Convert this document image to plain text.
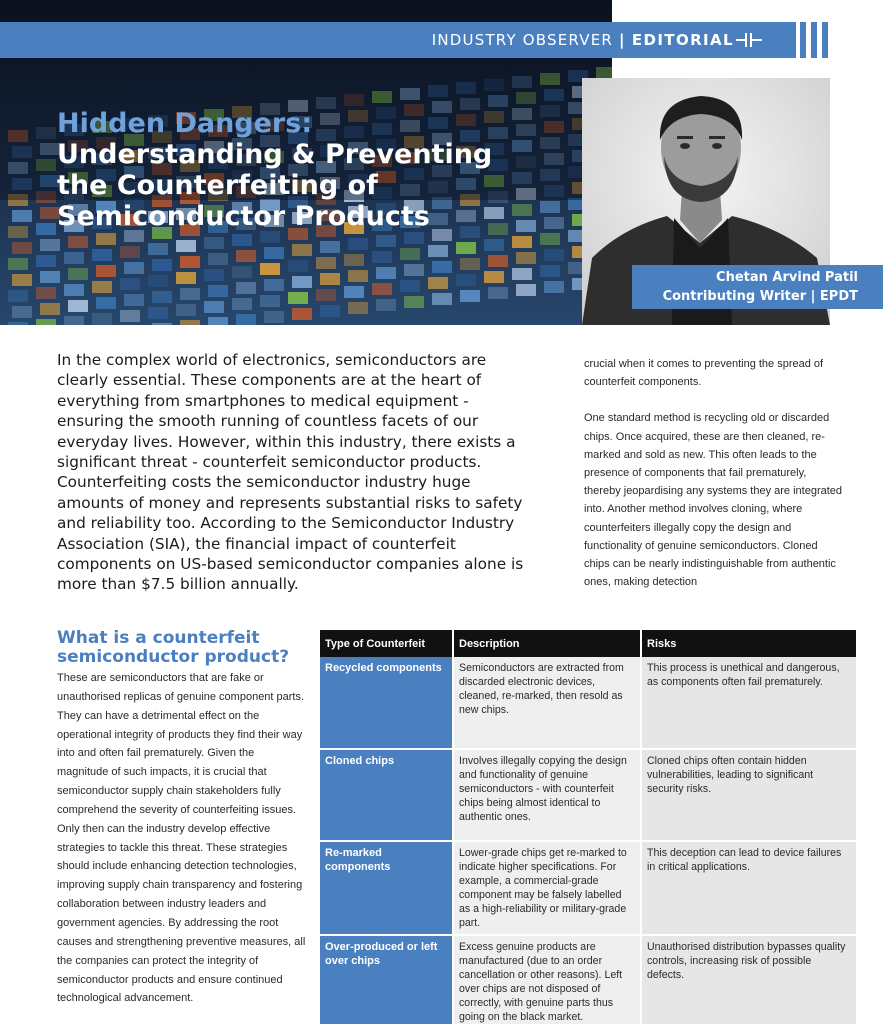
INDUSTRY OBSERVER | EDITORIAL
Hidden Dangers: Understanding & Preventing the Counterfeiting of Semiconductor Products
Chetan Arvind Patil
Contributing Writer | EPDT

In the complex world of electronics, semiconductors are clearly essential. These components are at the heart of everything from smartphones to medical equipment - ensuring the smooth running of countless facets of our everyday lives. However, within this industry, there exists a significant threat - counterfeit semiconductor products. Counterfeiting costs the semiconductor industry huge amounts of money and represents substantial risks to safety and reliability too. According to the Semiconductor Industry Association (SIA), the financial impact of counterfeit components on US-based semiconductor companies alone is more than $7.5 billion annually.

crucial when it comes to preventing the spread of counterfeit components.

One standard method is recycling old or discarded chips. Once acquired, these are then cleaned, re-marked and sold as new. This often leads to the presence of components that fail prematurely, thereby jeopardising any systems they are integrated into. Another method involves cloning, where counterfeiters illegally copy the design and functionality of genuine semiconductors. Cloned chips can be nearly indistinguishable from authentic ones, making detection

What is a counterfeit semiconductor product?

These are semiconductors that are fake or unauthorised replicas of genuine component parts. They can have a detrimental effect on the operational integrity of products they find their way into and often fail prematurely. Given the magnitude of such impacts, it is crucial that semiconductor supply chain stakeholders fully comprehend the severity of counterfeiting issues. Only then can the industry develop effective strategies to tackle this threat. These strategies should include enhancing detection technologies, improving supply chain transparency and fostering collaboration between industry leaders and government agencies. By addressing the root causes and strengthening preventive measures, all the companies can protect the integrity of semiconductor products and ensure continued technological advancement.

Type of Counterfeit	Description	Risks
Recycled components	Semiconductors are extracted from discarded electronic devices, cleaned, re-marked, then resold as new chips.	This process is unethical and dangerous, as components often fail prematurely.
Cloned chips	Involves illegally copying the design and functionality of genuine semiconductors - with counterfeit chips being almost identical to authentic ones.	Cloned chips often contain hidden vulnerabilities, leading to significant security risks.
Re-marked components	Lower-grade chips get re-marked to indicate higher specifications. For example, a commercial-grade component may be falsely labelled as a high-reliability or military-grade part.	This deception can lead to device failures in critical applications.
Over-produced or left over chips	Excess genuine products are manufactured (due to an order cancellation or other reasons). Left over chips are not disposed of correctly, with genuine parts thus going on the black market.	Unauthorised distribution bypasses quality controls, increasing risk of possible defects.
